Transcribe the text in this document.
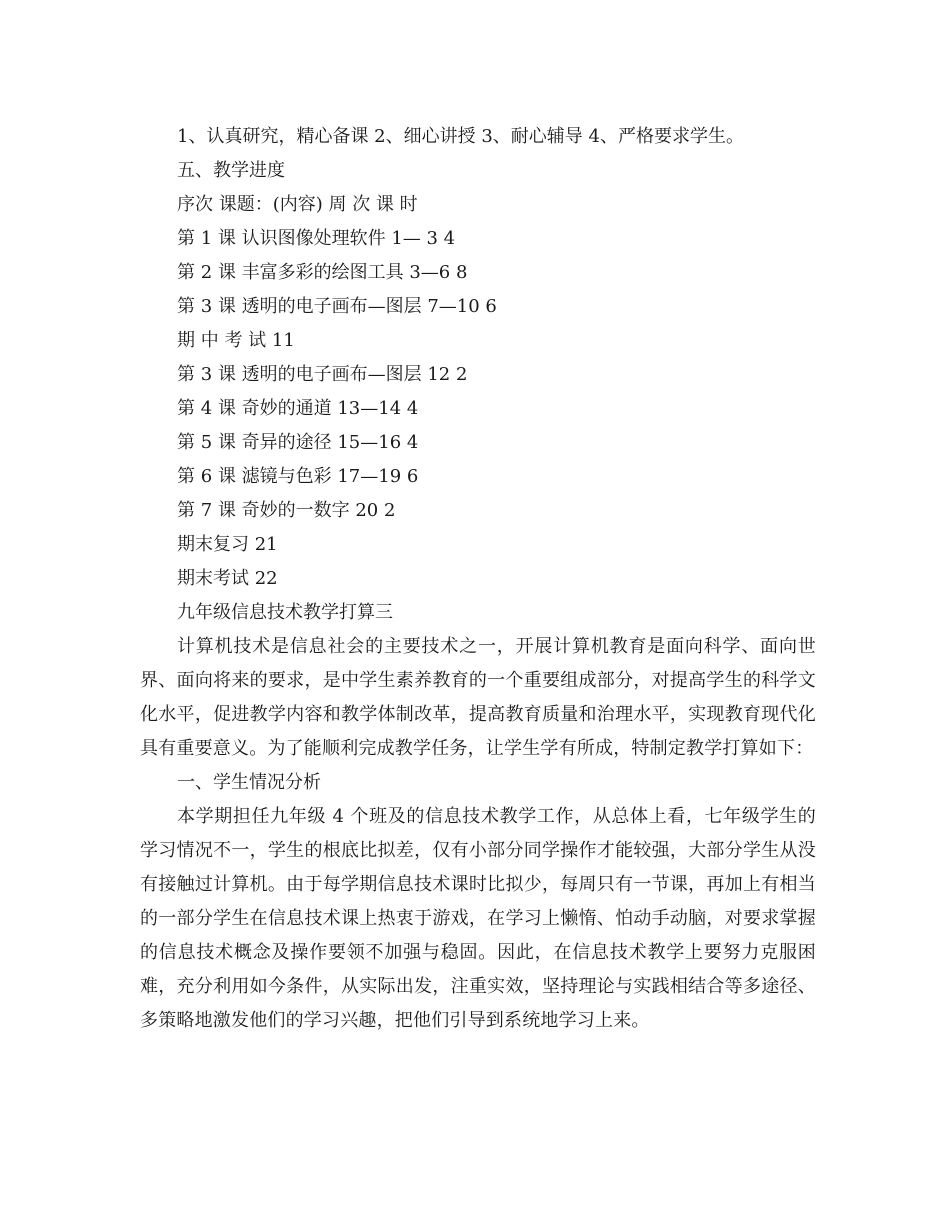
1、认真研究，精心备课 2、细心讲授 3、耐心辅导 4、严格要求学生。
五、教学进度
序次 课题：(内容) 周 次 课 时
第 1 课 认识图像处理软件 1— 3 4
第 2 课 丰富多彩的绘图工具 3—6 8
第 3 课 透明的电子画布—图层 7—10 6
期 中 考 试 11
第 3 课 透明的电子画布—图层 12 2
第 4 课 奇妙的通道 13—14 4
第 5 课 奇异的途径 15—16 4
第 6 课 滤镜与色彩 17—19 6
第 7 课 奇妙的一数字 20 2
期末复习 21
期末考试 22
九年级信息技术教学打算三
计算机技术是信息社会的主要技术之一，开展计算机教育是面向科学、面向世界、面向将来的要求，是中学生素养教育的一个重要组成部分，对提高学生的科学文化水平，促进教学内容和教学体制改革，提高教育质量和治理水平，实现教育现代化具有重要意义。为了能顺利完成教学任务，让学生学有所成，特制定教学打算如下：
一、学生情况分析
本学期担任九年级 4 个班及的信息技术教学工作，从总体上看，七年级学生的学习情况不一，学生的根底比拟差，仅有小部分同学操作才能较强，大部分学生从没有接触过计算机。由于每学期信息技术课时比拟少，每周只有一节课，再加上有相当的一部分学生在信息技术课上热衷于游戏，在学习上懒惰、怕动手动脑，对要求掌握的信息技术概念及操作要领不加强与稳固。因此，在信息技术教学上要努力克服困难，充分利用如今条件，从实际出发，注重实效，坚持理论与实践相结合等多途径、多策略地激发他们的学习兴趣，把他们引导到系统地学习上来。
